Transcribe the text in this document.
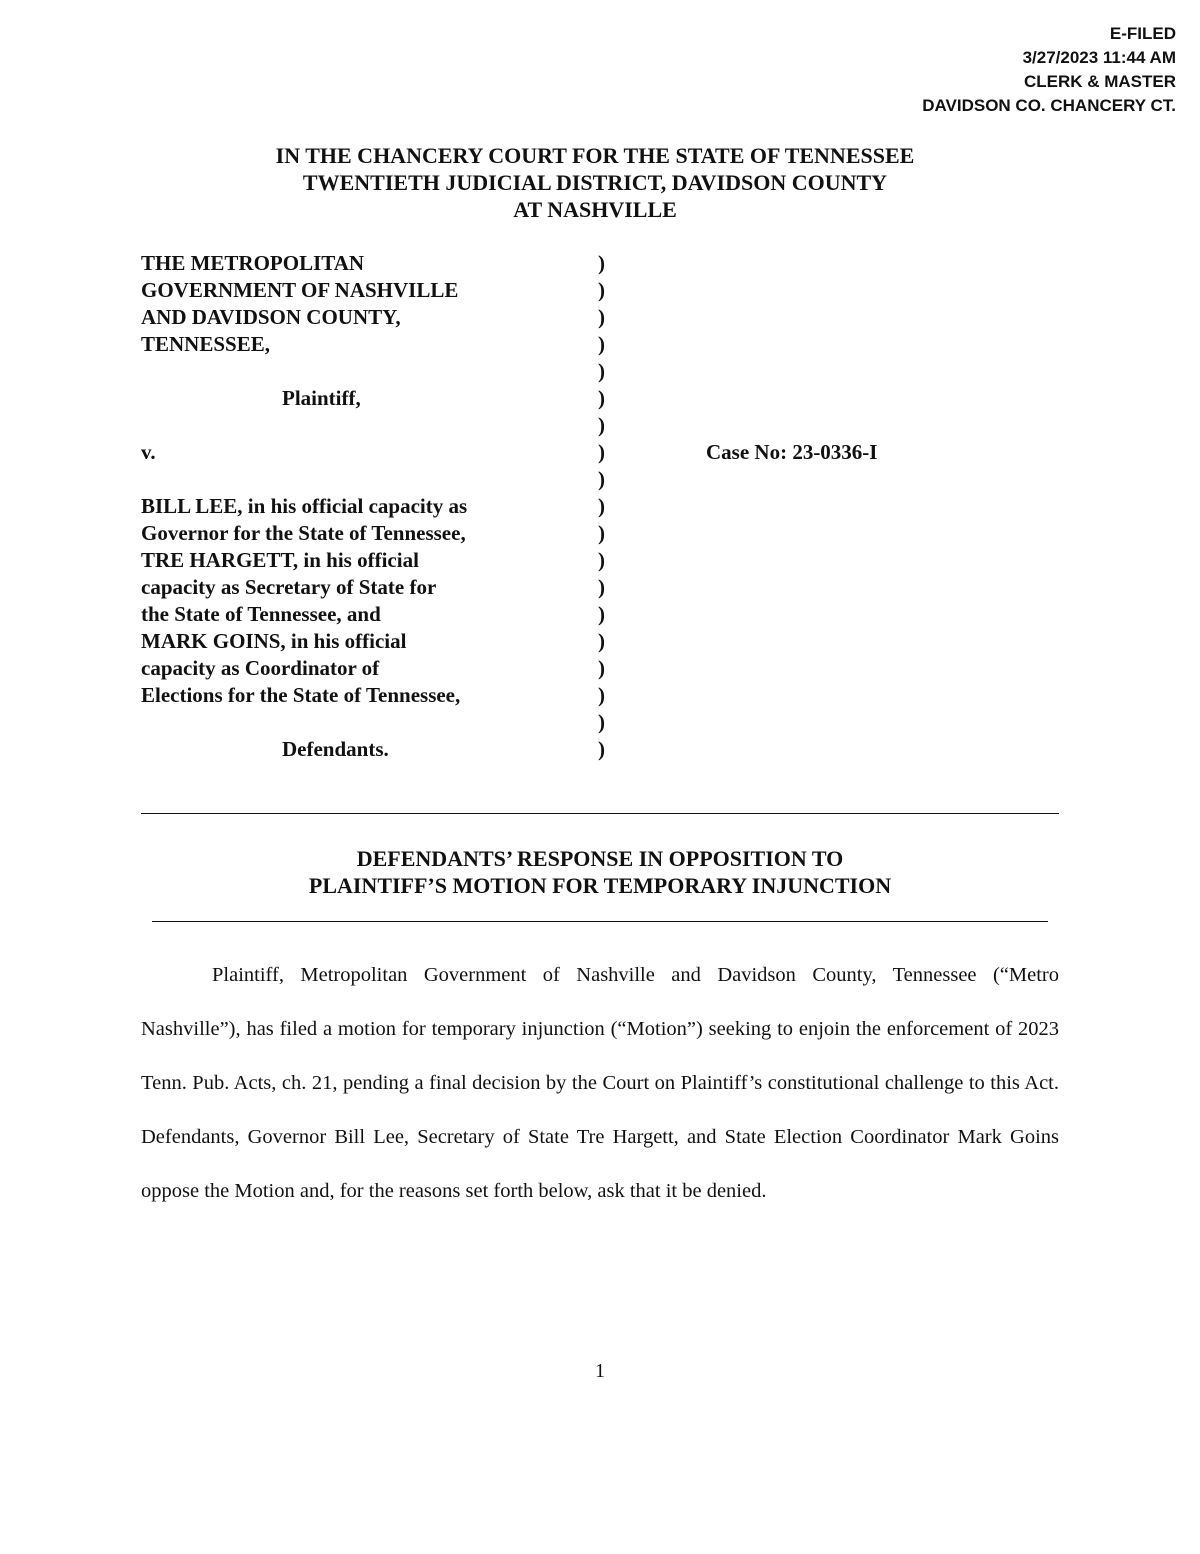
E-FILED
3/27/2023 11:44 AM
CLERK & MASTER
DAVIDSON CO. CHANCERY CT.
IN THE CHANCERY COURT FOR THE STATE OF TENNESSEE
TWENTIETH JUDICIAL DISTRICT, DAVIDSON COUNTY
AT NASHVILLE
THE METROPOLITAN
GOVERNMENT OF NASHVILLE
AND DAVIDSON COUNTY,
TENNESSEE,
Plaintiff,
v.
BILL LEE, in his official capacity as
Governor for the State of Tennessee,
TRE HARGETT, in his official
capacity as Secretary of State for
the State of Tennessee, and
MARK GOINS, in his official
capacity as Coordinator of
Elections for the State of Tennessee,
Defendants.
)
)
)
)
)
)
)
)
)
)
)
)
)
)
)
)
)
)
)
Case No: 23-0336-I
DEFENDANTS’ RESPONSE IN OPPOSITION TO
PLAINTIFF’S MOTION FOR TEMPORARY INJUNCTION

Plaintiff, Metropolitan Government of Nashville and Davidson County, Tennessee (“Metro Nashville”), has filed a motion for temporary injunction (“Motion”) seeking to enjoin the enforcement of 2023 Tenn. Pub. Acts, ch. 21, pending a final decision by the Court on Plaintiff’s constitutional challenge to this Act. Defendants, Governor Bill Lee, Secretary of State Tre Hargett, and State Election Coordinator Mark Goins oppose the Motion and, for the reasons set forth below, ask that it be denied.

1
